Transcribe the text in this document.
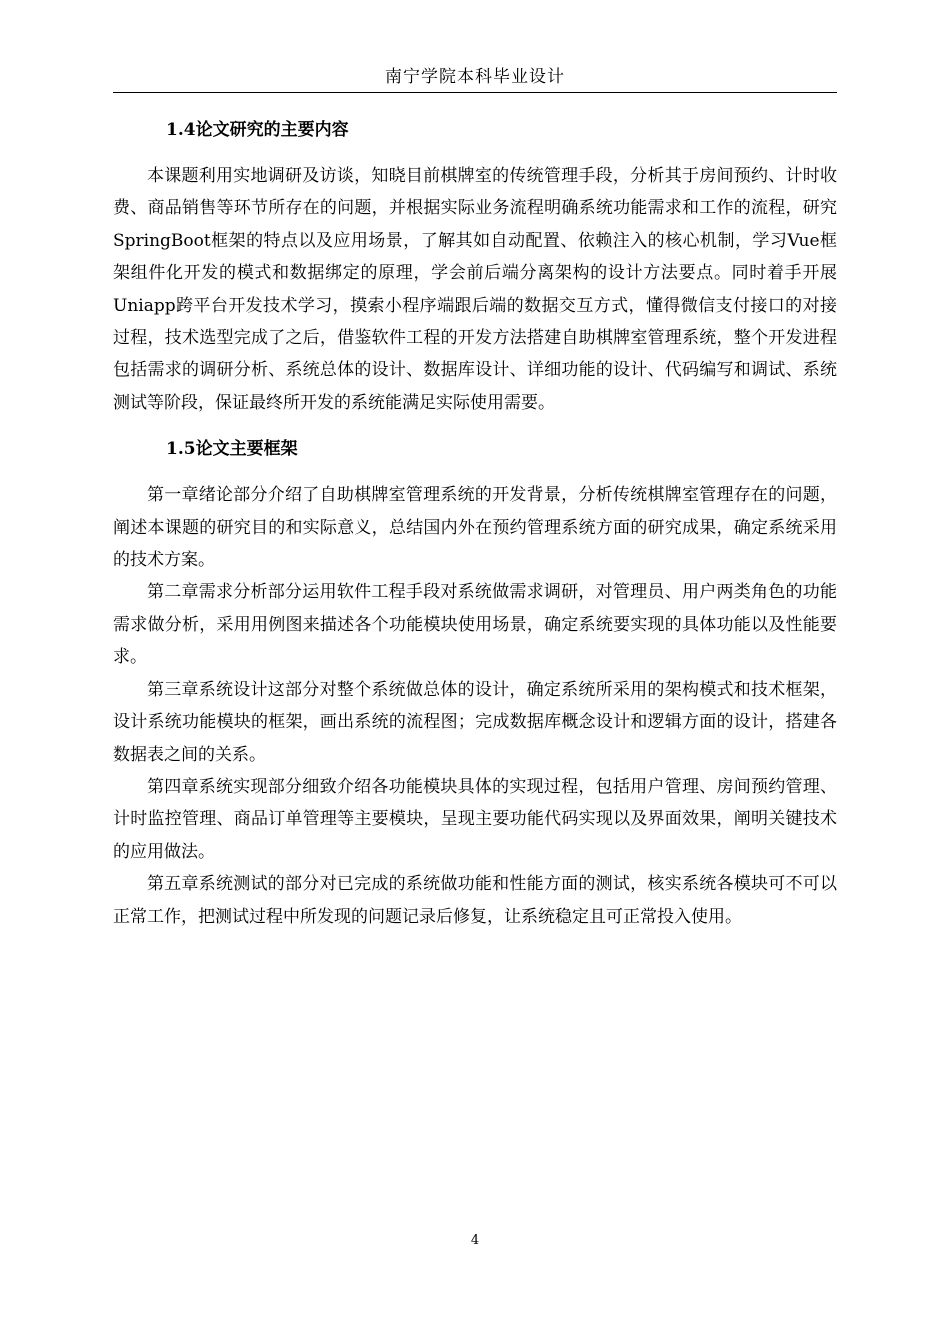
南宁学院本科毕业设计
1.4论文研究的主要内容

本课题利用实地调研及访谈，知晓目前棋牌室的传统管理手段，分析其于房间预约、计时收费、商品销售等环节所存在的问题，并根据实际业务流程明确系统功能需求和工作的流程，研究SpringBoot框架的特点以及应用场景，了解其如自动配置、依赖注入的核心机制，学习Vue框架组件化开发的模式和数据绑定的原理，学会前后端分离架构的设计方法要点。同时着手开展Uniapp跨平台开发技术学习，摸索小程序端跟后端的数据交互方式，懂得微信支付接口的对接过程，技术选型完成了之后，借鉴软件工程的开发方法搭建自助棋牌室管理系统，整个开发进程包括需求的调研分析、系统总体的设计、数据库设计、详细功能的设计、代码编写和调试、系统测试等阶段，保证最终所开发的系统能满足实际使用需要。

1.5论文主要框架

第一章绪论部分介绍了自助棋牌室管理系统的开发背景，分析传统棋牌室管理存在的问题，阐述本课题的研究目的和实际意义，总结国内外在预约管理系统方面的研究成果，确定系统采用的技术方案。

第二章需求分析部分运用软件工程手段对系统做需求调研，对管理员、用户两类角色的功能需求做分析，采用用例图来描述各个功能模块使用场景，确定系统要实现的具体功能以及性能要求。

第三章系统设计这部分对整个系统做总体的设计，确定系统所采用的架构模式和技术框架，设计系统功能模块的框架，画出系统的流程图；完成数据库概念设计和逻辑方面的设计，搭建各数据表之间的关系。

第四章系统实现部分细致介绍各功能模块具体的实现过程，包括用户管理、房间预约管理、计时监控管理、商品订单管理等主要模块，呈现主要功能代码实现以及界面效果，阐明关键技术的应用做法。

第五章系统测试的部分对已完成的系统做功能和性能方面的测试，核实系统各模块可不可以正常工作，把测试过程中所发现的问题记录后修复，让系统稳定且可正常投入使用。

4
